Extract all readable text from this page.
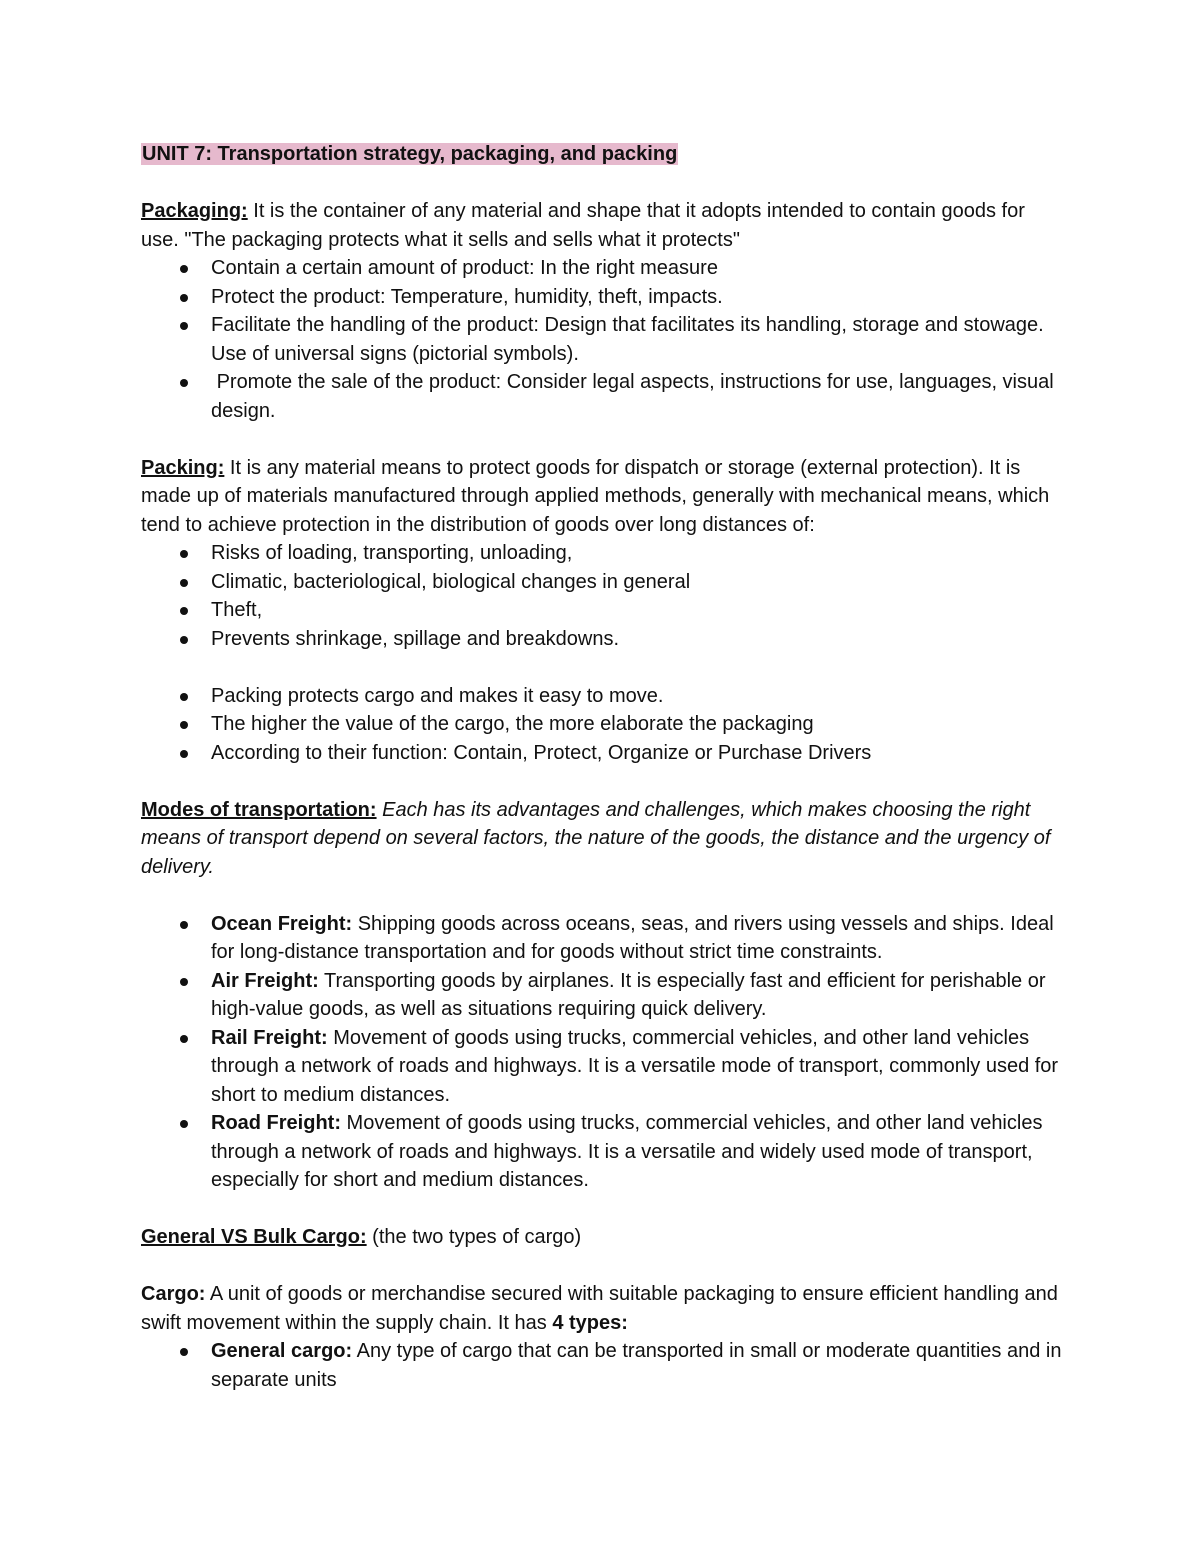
UNIT 7: Transportation strategy, packaging, and packing

Packaging: It is the container of any material and shape that it adopts intended to contain goods for use. "The packaging protects what it sells and sells what it protects"

Contain a certain amount of product: In the right measure
Protect the product: Temperature, humidity, theft, impacts.
Facilitate the handling of the product: Design that facilitates its handling, storage and stowage. Use of universal signs (pictorial symbols).
Promote the sale of the product: Consider legal aspects, instructions for use, languages, visual design.

Packing: It is any material means to protect goods for dispatch or storage (external protection). It is made up of materials manufactured through applied methods, generally with mechanical means, which tend to achieve protection in the distribution of goods over long distances of:

Risks of loading, transporting, unloading,
Climatic, bacteriological, biological changes in general
Theft,
Prevents shrinkage, spillage and breakdowns.
Packing protects cargo and makes it easy to move.
The higher the value of the cargo, the more elaborate the packaging
According to their function: Contain, Protect, Organize or Purchase Drivers

Modes of transportation: Each has its advantages and challenges, which makes choosing the right means of transport depend on several factors, the nature of the goods, the distance and the urgency of delivery.

Ocean Freight: Shipping goods across oceans, seas, and rivers using vessels and ships. Ideal for long-distance transportation and for goods without strict time constraints.
Air Freight: Transporting goods by airplanes. It is especially fast and efficient for perishable or high-value goods, as well as situations requiring quick delivery.
Rail Freight: Movement of goods using trucks, commercial vehicles, and other land vehicles through a network of roads and highways. It is a versatile mode of transport, commonly used for short to medium distances.
Road Freight: Movement of goods using trucks, commercial vehicles, and other land vehicles through a network of roads and highways. It is a versatile and widely used mode of transport, especially for short and medium distances.

General VS Bulk Cargo: (the two types of cargo)

Cargo: A unit of goods or merchandise secured with suitable packaging to ensure efficient handling and swift movement within the supply chain. It has 4 types:

General cargo: Any type of cargo that can be transported in small or moderate quantities and in separate units
